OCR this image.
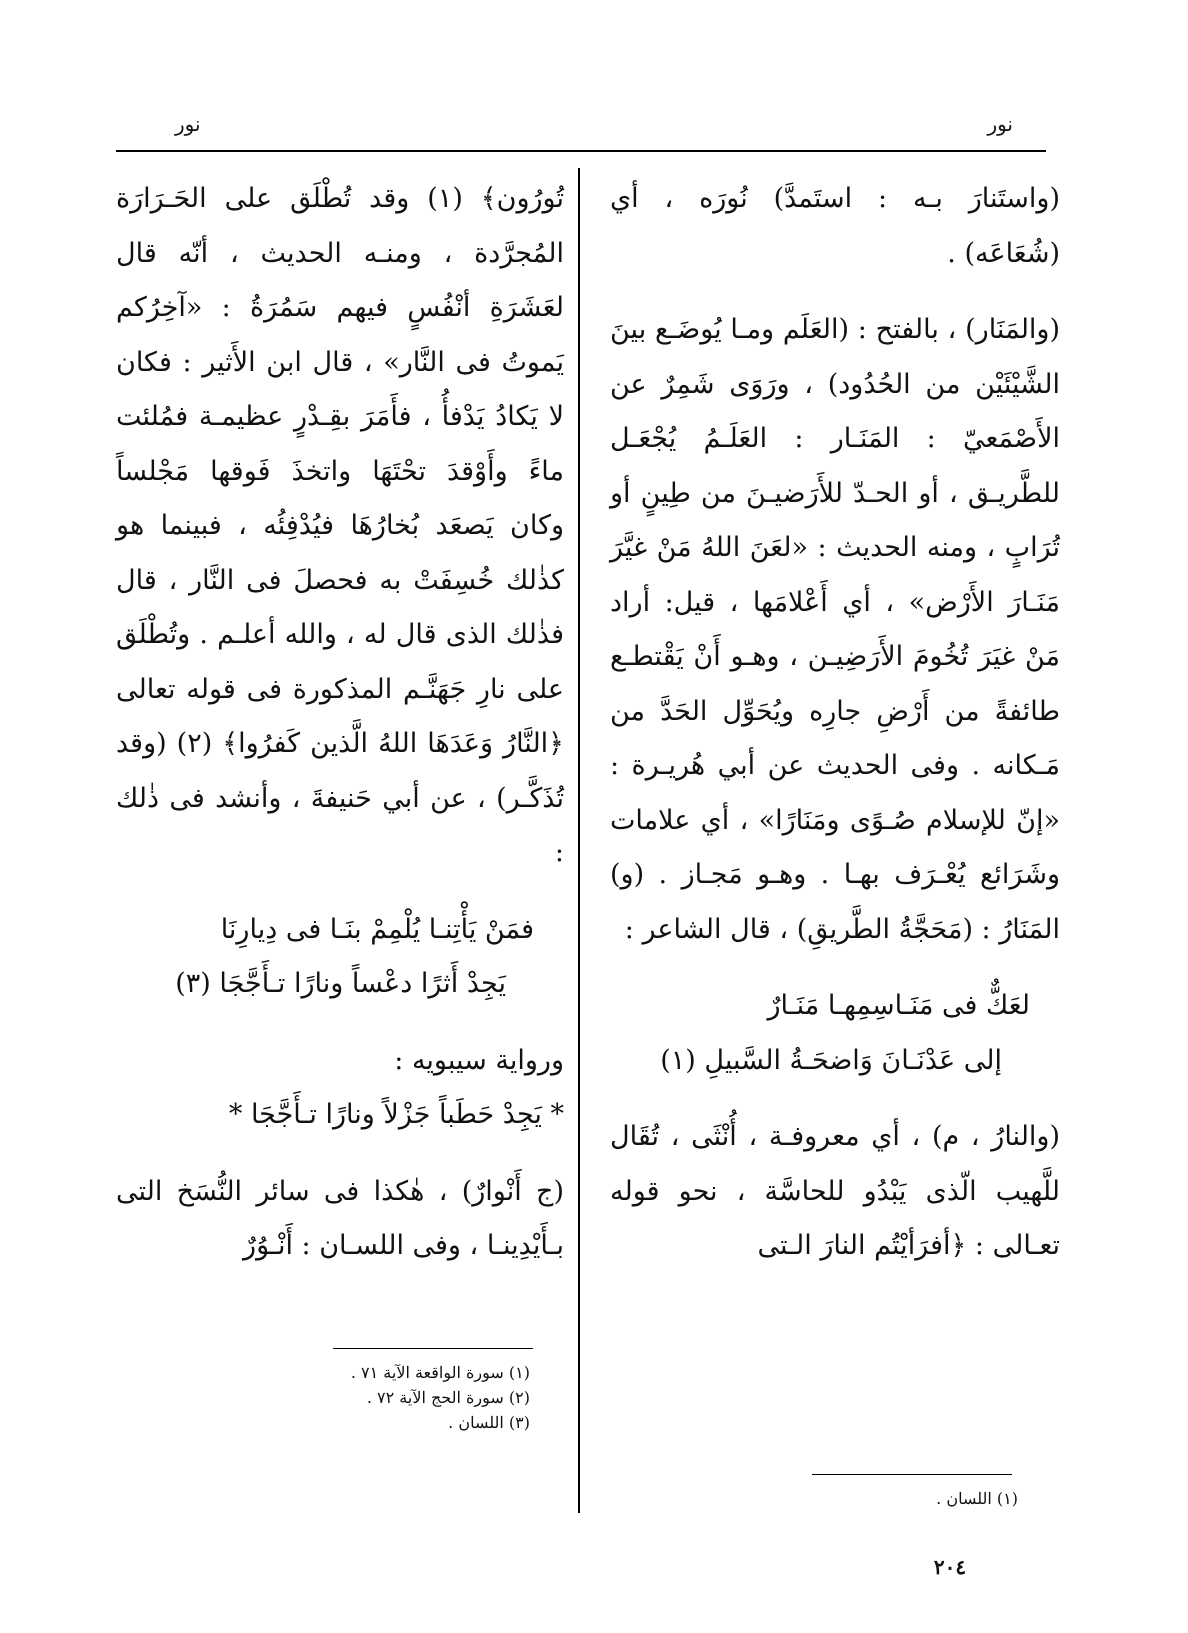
نور
نور

(واستَنارَ بـه : استَمدَّ) نُورَه ، أي (شُعَاعَه) .

(والمَنَار) ، بالفتح : (العَلَم ومـا يُوضَـع بينَ الشَّيْئَيْن من الحُدُود) ، ورَوَى شَمِرٌ عن الأَصْمَعيّ : المَنَـار : العَلَـمُ يُجْعَـل للطَّريـق ، أو الحـدّ للأَرَضيـنَ من طِينٍ أو تُرَابٍ ، ومنه الحديث : «لعَنَ اللهُ مَنْ غيَّرَ مَنَـارَ الأَرْض» ، أي أَعْلامَها ، قيل: أراد مَنْ غيَرَ تُخُومَ الأَرَضِيـن ، وهـو أَنْ يَقْتطـع طائفةً من أَرْضِ جارِه ويُحَوِّل الحَدَّ من مَـكانه . وفى الحديث عن أبي هُريـرة : «إنّ للإسلام صُـوًى ومَنَارًا» ، أي علامات وشَرَائع يُعْـرَف بهـا . وهـو مَجـاز . (و) المَنَارُ : (مَحَجَّةُ الطَّريقِ) ، قال الشاعر :

لعَكٌّ فى مَنَـاسِمِهـا مَنَـارٌ

إلى عَدْنَـانَ وَاضحَـةُ السَّبيلِ (١)

(والنارُ ، م) ، أي معروفـة ، أُنْثَى ، تُقَال للَّهيب الّذى يَبْدُو للحاسَّة ، نحو قوله تعـالى : ﴿أفرَأيْتُم النارَ الـتى

تُورُون﴾ (١) وقد تُطْلَق على الحَـرَارَة المُجرَّدة ، ومنـه الحديث ، أنّه قال لعَشَرَةِ أنْفُسٍ فيهم سَمُرَةُ : «آخِرُكم يَموتُ فى النَّار» ، قال ابن الأَثير : فكان لا يَكادُ يَدْفأُ ، فأَمَرَ بقِـدْرٍ عظيمـة فمُلئت ماءً وأَوْقدَ تحْتَهَا واتخذَ فَوقها مَجْلساً وكان يَصعَد بُخارُهَا فيُدْفِئُه ، فبينما هو كذٰلك خُسِفَتْ به فحصلَ فى النَّار ، قال فذٰلك الذى قال له ، والله أعلـم . وتُطْلَق على نارِ جَهَنَّـم المذكورة فى قوله تعالى ﴿النَّارُ وَعَدَهَا اللهُ الَّذين كَفرُوا﴾ (٢) (وقد تُذَكَّـر) ، عن أبي حَنيفةَ ، وأنشد فى ذٰلك :

فمَنْ يَأْتِنـا يُلْمِمْ بنَـا فى دِيارِنَا

يَجِدْ أَثرًا دعْساً ونارًا تـأَجَّجَا (٣)

ورواية سيبويه :

* يَجِدْ حَطَباً جَزْلاً ونارًا تـأَجَّجَا *

(ج أَنْوارٌ) ، هٰكذا فى سائر النُّسَخ التى بـأَيْدِينـا ، وفى اللسـان : أَنْـوُرٌ

(١) سورة الواقعة الآية ٧١ .

(٢) سورة الحج الآية ٧٢ .

(٣) اللسان .

(١) اللسان .

٢٠٤
